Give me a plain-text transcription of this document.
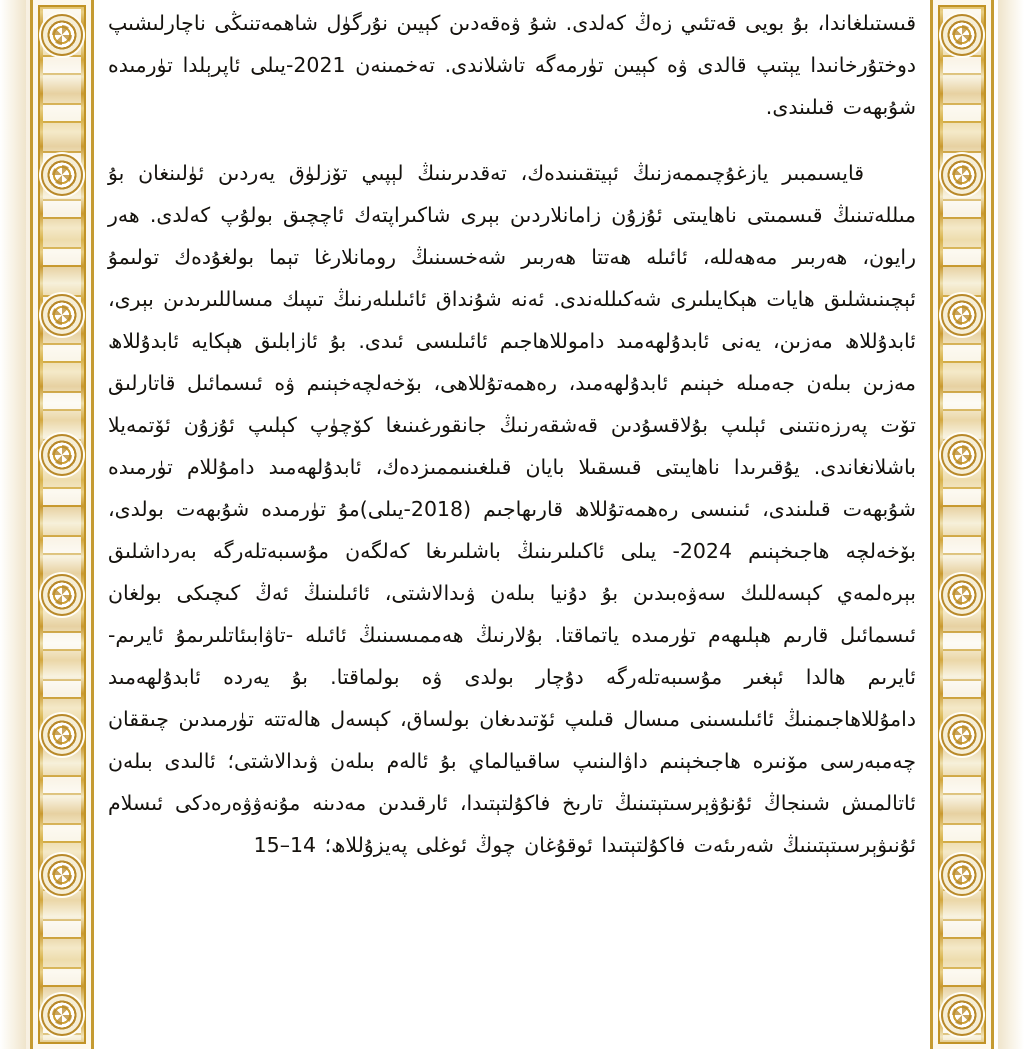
قىستىلغاندا، بۇ بويى قەتئىي زەڭ كەلدى. شۇ ۋەقەدىن كېيىن نۇرگۈل شاھمەتنىڭى ناچارلىشىپ دوختۇرخانىدا يېتىپ قالدى ۋە كېيىن تۈرمەگە تاشلاندى. تەخمىنەن 2021-يىلى ئاپرېلدا تۈرمىدە شۇبھەت قىلىندى.

قايسىمبىر يازغۇچىممەزنىڭ ئېيتقىنىدەك، تەقدىرىنىڭ لېپىي تۆزلۈق يەردىن ئۈلىنغان بۇ مىللەتىنىڭ قىسمىتى ناھايىتى ئۇزۇن زامانلاردىن بېرى شاكىراپتەك ئاچچىق بولۇپ كەلدى. ھەر رايون، ھەربىر مەھەللە، ئائىلە ھەتتا ھەربىر شەخسىنىڭ رومانلارغا تېما بولغۇدەك تولىمۇ ئېچىنىشلىق ھايات ھېكايىلىرى شەكىللەندى. ئەنە شۇنداق ئائىلىلەرنىڭ تىپىك مىساللىرىدىن بېرى، ئابدۇللاھ مەزىن، يەنى ئابدۇلھەمىد داموللاھاجىم ئائىلىسى ئىدى. بۇ ئازابلىق ھېكايە ئابدۇللاھ مەزىن بىلەن جەمىلە خېنىم ئابدۇلھەمىد، رەھمەتۇللاھى، بۆخەلچەخېنىم ۋە ئىسمائىل قاتارلىق تۆت پەرزەنتىنى ئېلىپ بۇلاقسۇدىن قەشقەرنىڭ جانقورغىنىغا كۆچۈپ كېلىپ ئۇزۇن ئۆتمەيلا باشلانغاندى. يۇقىرىدا ناھايىتى قىسقىلا بايان قىلغىنىممىزدەك، ئابدۇلھەمىد دامۇللام تۈرمىدە شۇبھەت قىلىندى، ئىنىسى رەھمەتۇللاھ قارىھاجىم (2018-يىلى)مۇ تۈرمىدە شۇبھەت بولدى، بۆخەلچە ھاجىخېنىم 2024- يىلى ئاكىلىرىنىڭ باشلىرىغا كەلگەن مۇسىبەتلەرگە بەرداشلىق بېرەلمەي كېسەللىك سەۋەبىدىن بۇ دۇنيا بىلەن ۋىدالاشتى، ئائىلىنىڭ ئەڭ كىچىكى بولغان ئىسمائىل قارىم ھېلىھەم تۈرمىدە ياتماقتا. بۇلارنىڭ ھەممىسىنىڭ ئائىلە -تاۋابىئاتلىرىمۇ ئايرىم-ئايرىم ھالدا ئېغىر مۇسىبەتلەرگە دۇچار بولدى ۋە بولماقتا. بۇ يەردە ئابدۇلھەمىد دامۇللاھاجىمنىڭ ئائىلىسىنى مىسال قىلىپ ئۆتىدىغان بولساق، كېسەل ھالەتتە تۈرمىدىن چىققان چەمبەرسى مۆنىرە ھاجىخېنىم داۋالىنىپ ساقىيالماي بۇ ئالەم بىلەن ۋىدالاشتى؛ ئالىدى بىلەن ئاتالمىش شىنجاڭ ئۇنۇۋېرسىتېتىنىڭ تارىخ فاكۇلتېتىدا، ئارقىدىن مەدىنە مۇنەۋۋەرەدكى ئىسلام ئۇنىۋېرسىتېتىنىڭ شەرىئەت فاكۇلتېتىدا ئوقۇغان چوڭ ئوغلى پەيزۇللاھ؛ 14–15
